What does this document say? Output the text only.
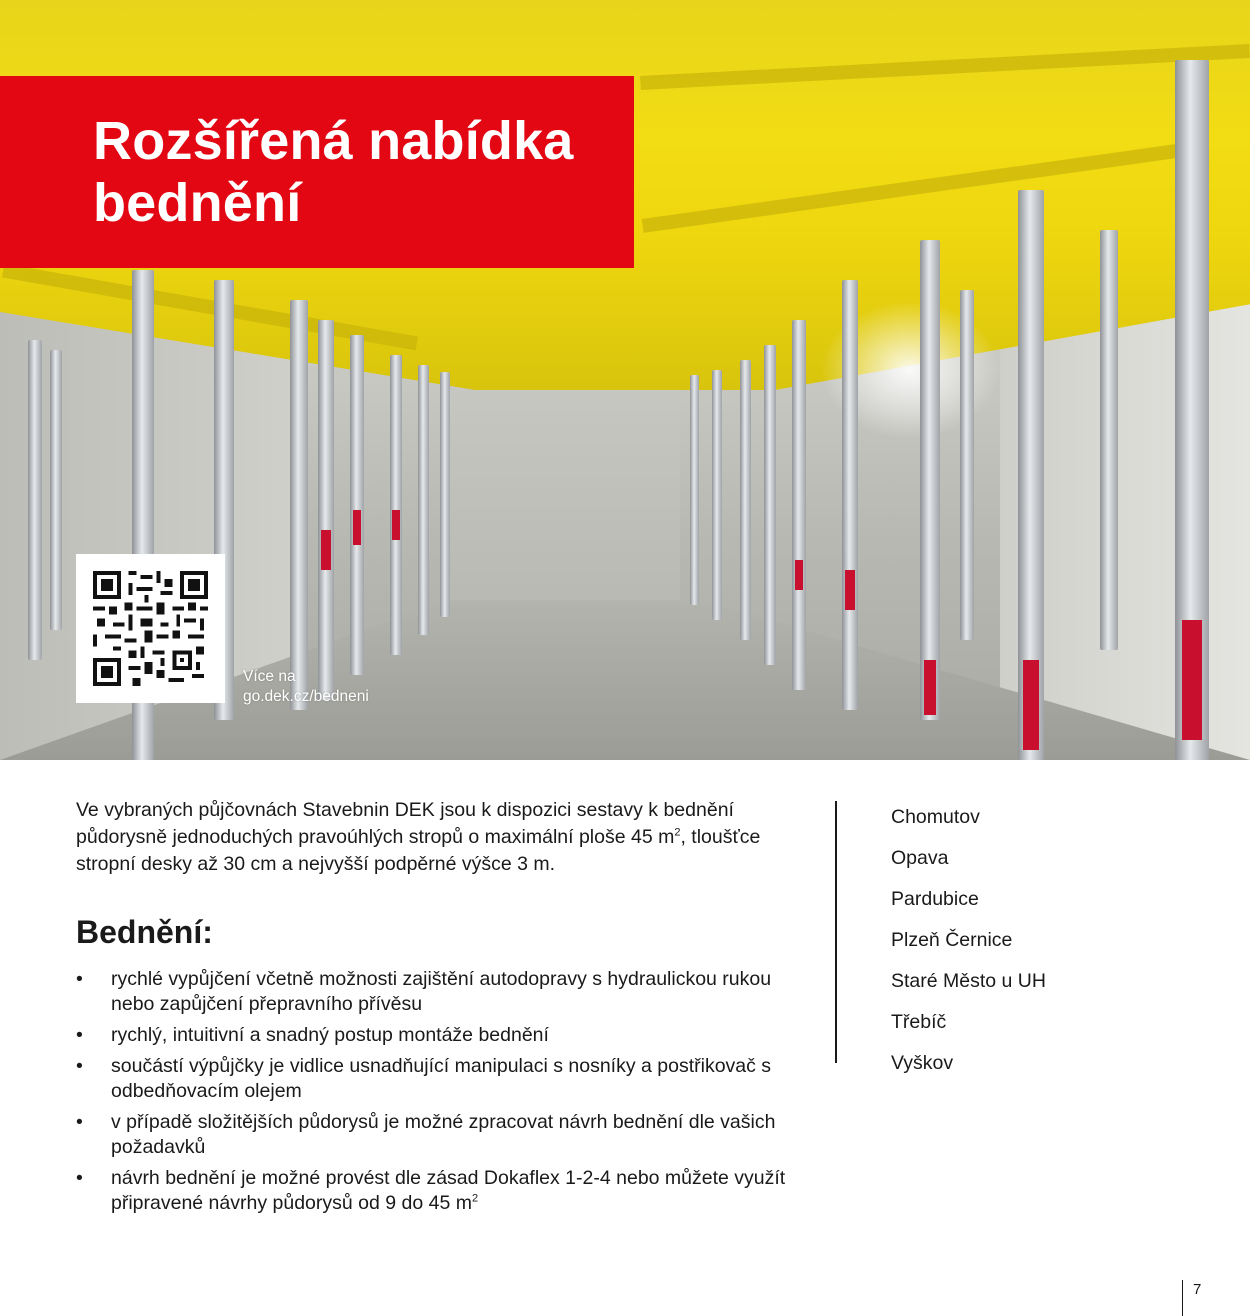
Rozšířená nabídka bednění
Více na
go.dek.cz/bedneni

Ve vybraných půjčovnách Stavebnin DEK jsou k dispozici sestavy k bednění půdorysně jednoduchých pravoúhlých stropů o maximální ploše 45 $m^2$, tloušťce stropní desky až 30 cm a nejvyšší podpěrné výšce 3 m.

Bednění:
• rychlé vypůjčení včetně možnosti zajištění autodopravy s hydraulickou rukou nebo zapůjčení přepravního přívěsu
• rychlý, intuitivní a snadný postup montáže bednění
• součástí výpůjčky je vidlice usnadňující manipulaci s nosníky a postřikovač s odbedňovacím olejem
• v případě složitějších půdorysů je možné zpracovat návrh bednění dle vašich požadavků
• návrh bednění je možné provést dle zásad Dokaflex 1-2-4 nebo můžete využít připravené návrhy půdorysů od 9 do 45 $m^2$
Chomutov
Opava
Pardubice
Plzeň Černice
Staré Město u UH
Třebíč
Vyškov
7
